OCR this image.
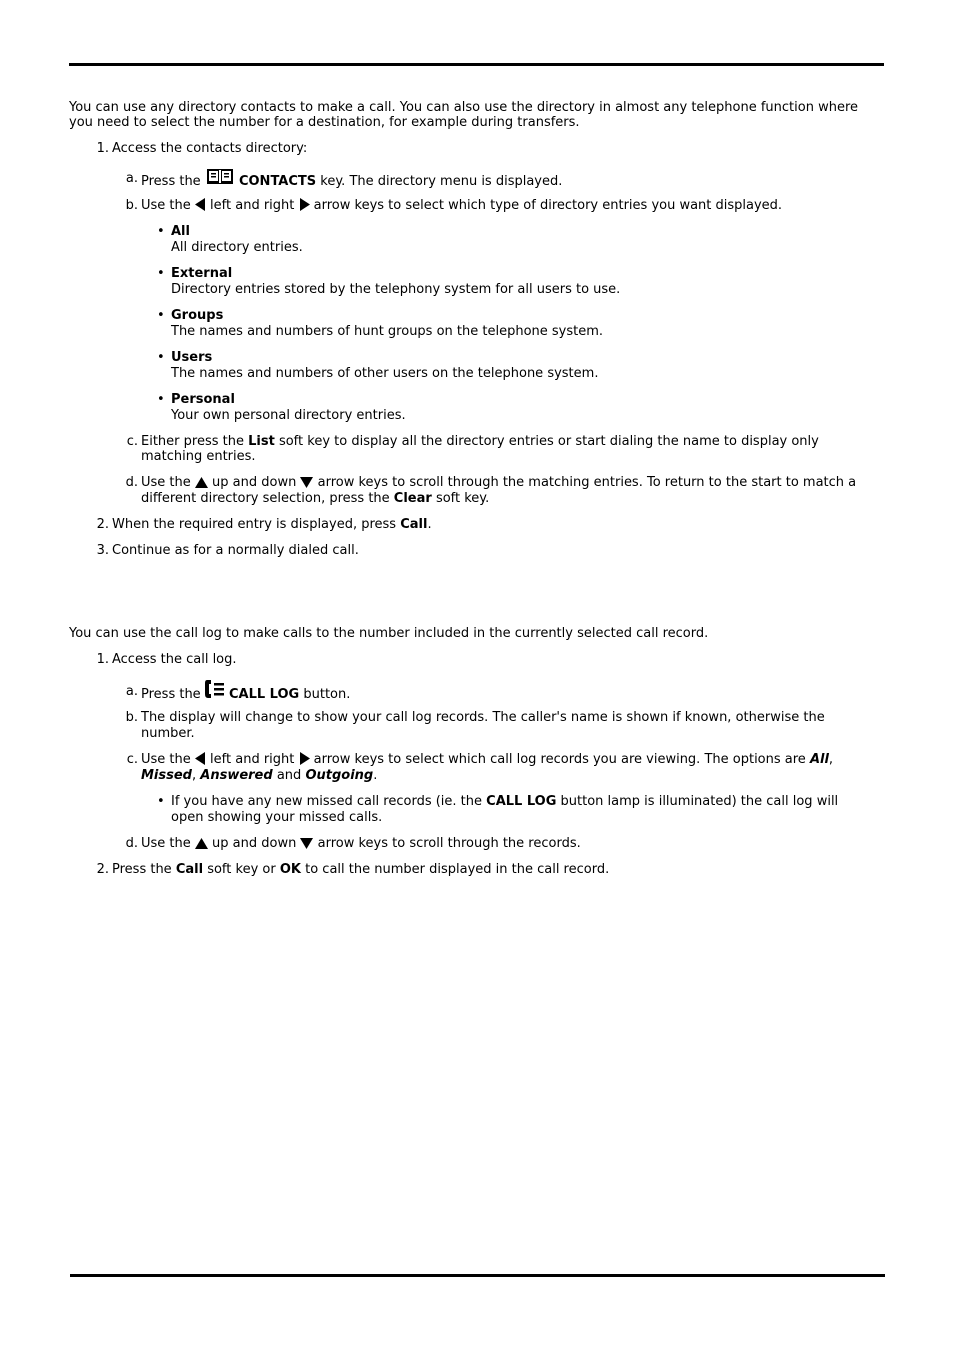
You can use any directory contacts to make a call. You can also use the directory in almost any telephone function where you need to select the number for a destination, for example during transfers.
1. Access the contacts directory:
a. Press the	CONTACTS key. The directory menu is displayed.
b. Use the left and right arrow keys to select which type of directory entries you want displayed.
• All
All directory entries.
• External
Directory entries stored by the telephony system for all users to use.
• Groups
The names and numbers of hunt groups on the telephone system.
• Users
The names and numbers of other users on the telephone system.
• Personal
Your own personal directory entries.
c. Either press the List soft key to display all the directory entries or start dialing the name to display only
matching entries.
d. Use the up and down arrow keys to scroll through the matching entries. To return to the start to match a
different directory selection, press the Clear soft key.
2. When the required entry is displayed, press Call.
3. Continue as for a normally dialed call.
You can use the call log to make calls to the number included in the currently selected call record.
1. Access the call log.
a. Press the CALL LOG button.
b. The display will change to show your call log records. The caller's name is shown if known, otherwise the
number.
c. Use the left and right arrow keys to select which call log records you are viewing. The options are All,
Missed, Answered and Outgoing.
• If you have any new missed call records (ie. the CALL LOG button lamp is illuminated) the call log will
open showing your missed calls.
d. Use the up and down arrow keys to scroll through the records.
2. Press the Call soft key or OK to call the number displayed in the call record.
